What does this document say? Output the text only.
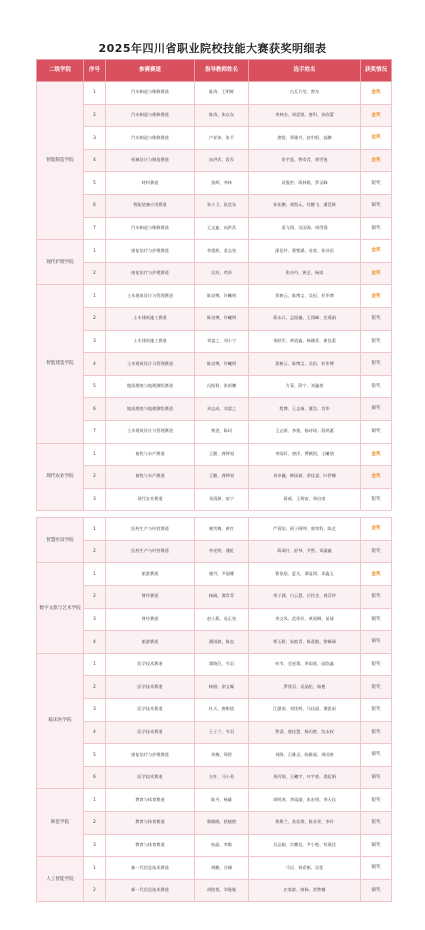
2025年四川省职业院校技能大赛获奖明细表
二级学院	序号	参赛赛道	指导教师姓名	选手姓名	获奖情况
智能制造学院	1	汽车制造与维修赛道	陈涛、王明辉	古瓦方莹、曾东	金奖
	2	汽车制造与维修赛道	陈涛、朱以东	李林杰、周思锐、唐科、孙欣蕾	金奖
	3	汽车制造与维修赛道	卢祥伟、张平	唐锐、郑雅丹、赵中阳、高鹏	金奖
	4	机械设计与制造赛道	向洪武、段军	但宇泓、曾寿青、黄雪锐	金奖
	5	材料赛道	张辉、李林	袁俊洪、蒋林棋、罗灵峰	银奖
	6	智能装备应用赛道	张小卫、侯宜东	孙佳鹏、郑凯元、付鹏飞、潘晃辉	铜奖
	7	汽车制造与维修赛道	王文迪、向洪武	姜飞翔、吴国海、周得强	铜奖
现代护理学院	1	康复治疗与护理赛道	李建波、姜志容	邵佳玲、曹紫涵、易欣、张诗语	金奖
	2	康复治疗与护理赛道	吴苏、苟莎	张诗丹、黄艺、杨岚	金奖
智能建造学院	1	土木建筑设计与管理赛道	陈良博、许曦明	贺树云、陈博文、吴恒、杜华博	金奖
	2	土木建筑施工赛道	陈良博、许曦明	蒋永兵、孟锐骊、王翔峰、任燕娟	银奖
	3	土木建筑施工赛道	刘睿之、刘小宁	邹跃军、黄道鑫、杨珊菲、崔佳柔	银奖
	4	土木建筑设计与管理赛道	陈良博、许曦明	贺树云、陈博文、吴恒、杜华博	银奖
	5	地质勘查与地理测绘赛道	冯锐权、张裕鹏	方蓉、薛宁、刘鑫豪	银奖
	6	地质勘查与地理测绘赛道	邓志成、刘睿之	程博、王志扬、董浩、肖华	铜奖
	7	土木建筑设计与管理赛道	黎进、陈珂	王志祺、李俊、杨诗琦、薛鸿惠	铜奖
现代农业学院	1	畜牧与水产赛道	王勤、龚钟划	李雨轩、唐洋、费鹤凯、王曦朋	金奖
	2	畜牧与水产赛道	王勤、龚钟划	刘卓巍、韩国斌、余佳睿、叶伊娜	金奖
	3	现代农业赛道	刘清源、宙宁	蒋威、王翔宙、周启南	银奖

智慧医技学院	1	医药生产与经营赛道	谢雪梅、黄红	严蓉怡、阿子阿呷、唐荣科、陈艺	金奖
	2	医药生产与经营赛道	李光明、潘虹	蒋瑞月、舒琴、尹然、刘淑鑫	银奖
数字文旅与艺术学院	1	旅游赛道	谢丹、尹丽娜	曹依依、夏凡、谭显琪、邓鑫玉	金奖
	2	财经赛道	杨碗、谭青青	荣子涵、白云慧、岳铃芝、龚浮伶	银奖
	3	财经赛道	赵小燕、易正容	李文凤、范琼芳、黄雨琳、苗倩	铜奖
	4	旅游赛道	潘国斌、陈忠	覃玉娇、朱皖青、陈嘉毅、徐佩瑞	铜奖
临床医学院	1	医学技术赛道	谭晓芬、韦羽	何韦、毛星翔、李雨欣、邱欣鑫	银奖
	2	医学技术赛道	杨榕、余文佩	罗欣羽、袁晶松、杨艳	银奖
	3	医学技术赛道	杜天、唐彬境	江潞南、刘忧辉、马佳丽、谭思雨	银奖
	4	医学技术赛道	王子兰、韦羽	曾睿、唐佳慧、杨丙艳、沈永权	银奖
	5	康复治疗与护理赛道	刘梅、郑智	刘路、石雅灵、陈雅丽、周国豪	铜奖
	6	医学技术赛道	左叶、马小英	余丙锦、王曦宇、叶宇豪、姜虹娟	铜奖
师范学院	1	教育与体育赛道	陈丹、杨雄	周明鸿、李雨潼、朱宏明、李天仪	银奖
	2	教育与体育赛道	黎晓晓、欧晓艳	黄斯兰、张佳琪、陈亚荣、李玲	银奖
	3	教育与体育赛道	柏晶、李敏	吴忌颖、宗鹏仪、尹小艳、苟燕佳	铜奖
人工智能学院	1	新一代信息技术赛道	胡鹏、谷珊	马启、柯希彬、吴优	铜奖
	2	新一代信息技术赛道	胡锐悦、刘曼妮	庄家滨、康杨、贾曾楠	铜奖
